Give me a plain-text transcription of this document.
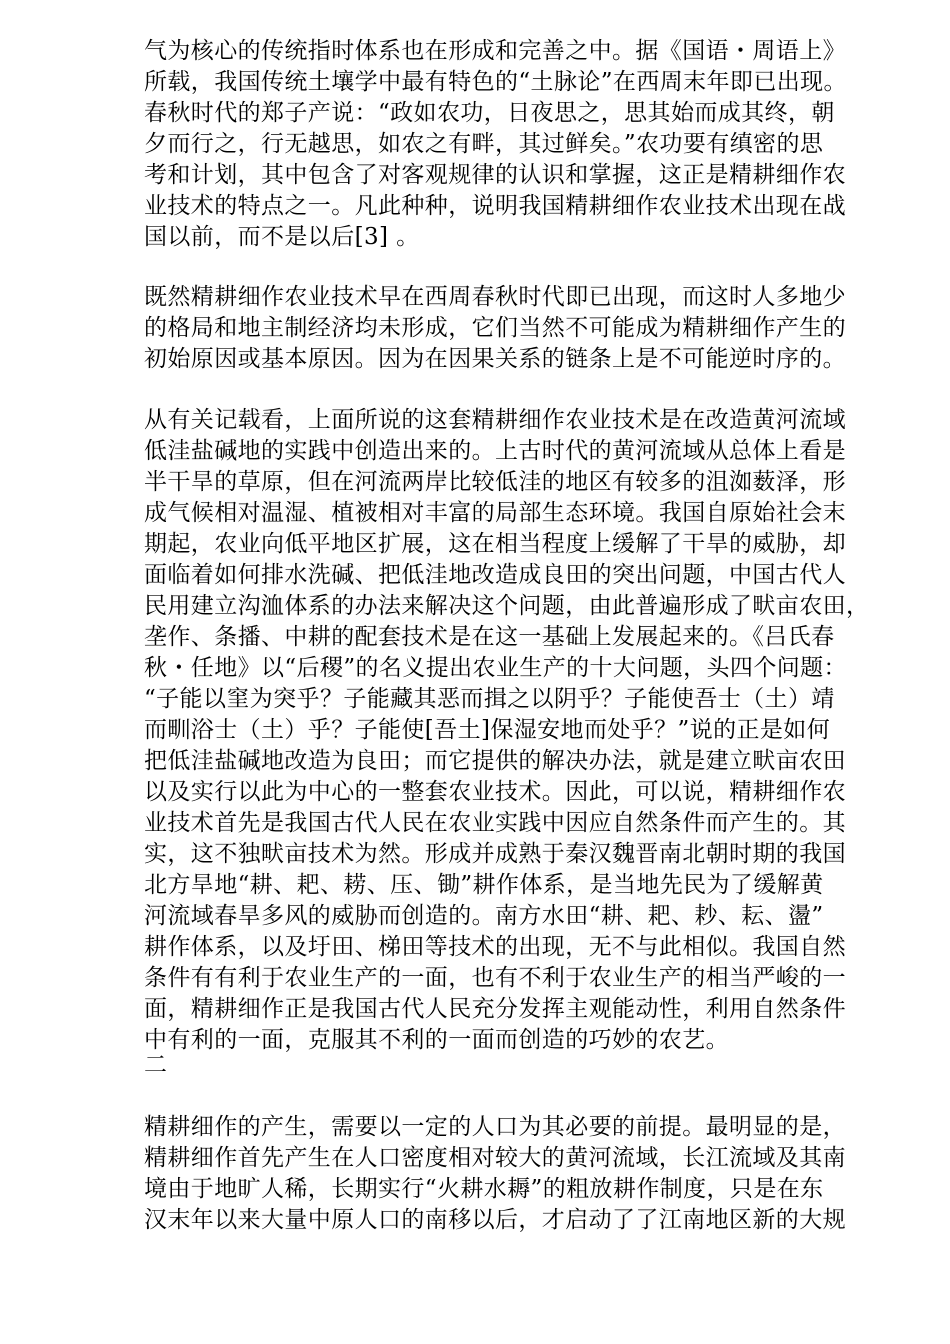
气为核心的传统指时体系也在形成和完善之中。据《国语・周语上》
所载，我国传统土壤学中最有特色的“土脉论”在西周末年即已出现。
春秋时代的郑子产说：“政如农功，日夜思之，思其始而成其终，朝
夕而行之，行无越思，如农之有畔，其过鲜矣。”农功要有缜密的思
考和计划，其中包含了对客观规律的认识和掌握，这正是精耕细作农
业技术的特点之一。凡此种种，说明我国精耕细作农业技术出现在战
国以前，而不是以后[3] 。
既然精耕细作农业技术早在西周春秋时代即已出现，而这时人多地少
的格局和地主制经济均未形成，它们当然不可能成为精耕细作产生的
初始原因或基本原因。因为在因果关系的链条上是不可能逆时序的。
从有关记载看，上面所说的这套精耕细作农业技术是在改造黄河流域
低洼盐碱地的实践中创造出来的。上古时代的黄河流域从总体上看是
半干旱的草原，但在河流两岸比较低洼的地区有较多的沮洳薮泽，形
成气候相对温湿、植被相对丰富的局部生态环境。我国自原始社会末
期起，农业向低平地区扩展，这在相当程度上缓解了干旱的威胁，却
面临着如何排水洗碱、把低洼地改造成良田的突出问题，中国古代人
民用建立沟洫体系的办法来解决这个问题，由此普遍形成了畎亩农田，
垄作、条播、中耕的配套技术是在这一基础上发展起来的。《吕氏春
秋・任地》以“后稷”的名义提出农业生产的十大问题，头四个问题：
“子能以窐为突乎？子能藏其恶而揖之以阴乎？子能使吾士（土）靖
而甽浴士（土）乎？子能使[吾土]保湿安地而处乎？”说的正是如何
把低洼盐碱地改造为良田；而它提供的解决办法，就是建立畎亩农田
以及实行以此为中心的一整套农业技术。因此，可以说，精耕细作农
业技术首先是我国古代人民在农业实践中因应自然条件而产生的。其
实，这不独畎亩技术为然。形成并成熟于秦汉魏晋南北朝时期的我国
北方旱地“耕、耙、耢、压、锄”耕作体系，是当地先民为了缓解黄
河流域春旱多风的威胁而创造的。南方水田“耕、耙、耖、耘、盪”
耕作体系，以及圩田、梯田等技术的出现，无不与此相似。我国自然
条件有有利于农业生产的一面，也有不利于农业生产的相当严峻的一
面，精耕细作正是我国古代人民充分发挥主观能动性，利用自然条件
中有利的一面，克服其不利的一面而创造的巧妙的农艺。
二
精耕细作的产生，需要以一定的人口为其必要的前提。最明显的是，
精耕细作首先产生在人口密度相对较大的黄河流域，长江流域及其南
境由于地旷人稀，长期实行“火耕水耨”的粗放耕作制度，只是在东
汉末年以来大量中原人口的南移以后，才启动了了江南地区新的大规
